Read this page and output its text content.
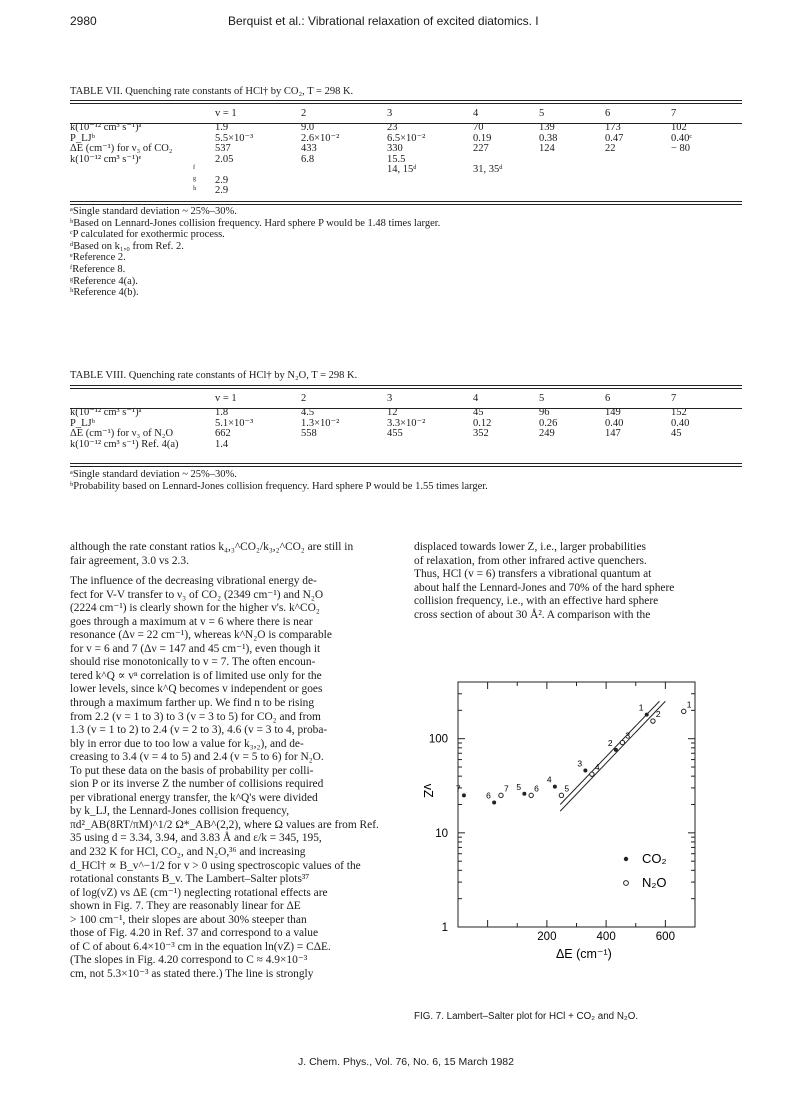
2980	Berquist et al.: Vibrational relaxation of excited diatomics. I
TABLE VII. Quenching rate constants of HCl† by CO₂, T = 298 K.
	v = 1	2	3	4	5	6	7
k(10⁻¹² cm³ s⁻¹)ᵃ	1.9	9.0	23	70	139	173	102
P_LJᵇ	5.5×10⁻³	2.6×10⁻²	6.5×10⁻²	0.19	0.38	0.47	0.40ᶜ
ΔE (cm⁻¹) for ν₃ of CO₂	537	433	330	227	124	22	− 80
k(10⁻¹² cm³ s⁻¹)ᵉ	2.05	6.8	15.5				
ᶠ			14, 15ᵈ	31, 35ᵈ			
ᵍ	2.9						
ʰ	2.9						
ᵃSingle standard deviation ~ 25%–30%.
ᵇBased on Lennard-Jones collision frequency. Hard sphere P would be 1.48 times larger.
ᶜP calculated for exothermic process.
ᵈBased on k₁,₀ from Ref. 2.
ᵉReference 2.
ᶠReference 8.
ᵍReference 4(a).
ʰReference 4(b).
TABLE VIII. Quenching rate constants of HCl† by N₂O, T = 298 K.
	v = 1	2	3	4	5	6	7
k(10⁻¹² cm³ s⁻¹)ᵃ	1.8	4.5	12	45	96	149	152
P_LJᵇ	5.1×10⁻³	1.3×10⁻²	3.3×10⁻²	0.12	0.26	0.40	0.40
ΔE (cm⁻¹) for ν₃ of N₂O	662	558	455	352	249	147	45
k(10⁻¹² cm³ s⁻¹) Ref. 4(a)	1.4						
ᵃSingle standard deviation ~ 25%–30%.
ᵇProbability based on Lennard-Jones collision frequency. Hard sphere P would be 1.55 times larger.

although the rate constant ratios k₄,₃^CO₂/k₃,₂^CO₂ are still in

fair agreement, 3.0 vs 2.3.

The influence of the decreasing vibrational energy de-

fect for V-V transfer to ν₃ of CO₂ (2349 cm⁻¹) and N₂O

(2224 cm⁻¹) is clearly shown for the higher v's. k^CO₂

goes through a maximum at v = 6 where there is near

resonance (Δν = 22 cm⁻¹), whereas k^N₂O is comparable

for v = 6 and 7 (Δν = 147 and 45 cm⁻¹), even though it

should rise monotonically to v = 7. The often encoun-

tered k^Q ∝ vⁿ correlation is of limited use only for the

lower levels, since k^Q becomes v independent or goes

through a maximum farther up. We find n to be rising

from 2.2 (v = 1 to 3) to 3 (v = 3 to 5) for CO₂ and from

1.3 (v = 1 to 2) to 2.4 (v = 2 to 3), 4.6 (v = 3 to 4, proba-

bly in error due to too low a value for k₃,₂), and de-

creasing to 3.4 (v = 4 to 5) and 2.4 (v = 5 to 6) for N₂O.

To put these data on the basis of probability per colli-

sion P or its inverse Z the number of collisions required

per vibrational energy transfer, the k^Q's were divided

by k_LJ, the Lennard-Jones collision frequency,

πd²_AB(8RT/πM)^1/2 Ω*_AB^(2,2), where Ω values are from Ref.

35 using d = 3.34, 3.94, and 3.83 Å and ε/k = 345, 195,

and 232 K for HCl, CO₂, and N₂O,³⁶ and increasing

d_HCl† ∝ B_v^−1/2 for v > 0 using spectroscopic values of the

rotational constants B_v. The Lambert–Salter plots³⁷

of log(vZ) vs ΔE (cm⁻¹) neglecting rotational effects are

shown in Fig. 7. They are reasonably linear for ΔE

> 100 cm⁻¹, their slopes are about 30% steeper than

those of Fig. 4.20 in Ref. 37 and correspond to a value

of C of about 6.4×10⁻³ cm in the equation ln(vZ) = CΔE.

(The slopes in Fig. 4.20 correspond to C ≈ 4.9×10⁻³

cm, not 5.3×10⁻³ as stated there.) The line is strongly

displaced towards lower Z, i.e., larger probabilities

of relaxation, from other infrared active quenchers.

Thus, HCl (v = 6) transfers a vibrational quantum at

about half the Lennard-Jones and 70% of the hard sphere

collision frequency, i.e., with an effective hard sphere

cross section of about 30 Å². A comparison with the

200	400	600
1
10
100
ΔE (cm⁻¹)
vZ
1
2
3
4
5
6
7
1
2
3
4
5
6
7
CO₂
N₂O
FIG. 7. Lambert–Salter plot for HCl + CO₂ and N₂O.
J. Chem. Phys., Vol. 76, No. 6, 15 March 1982
